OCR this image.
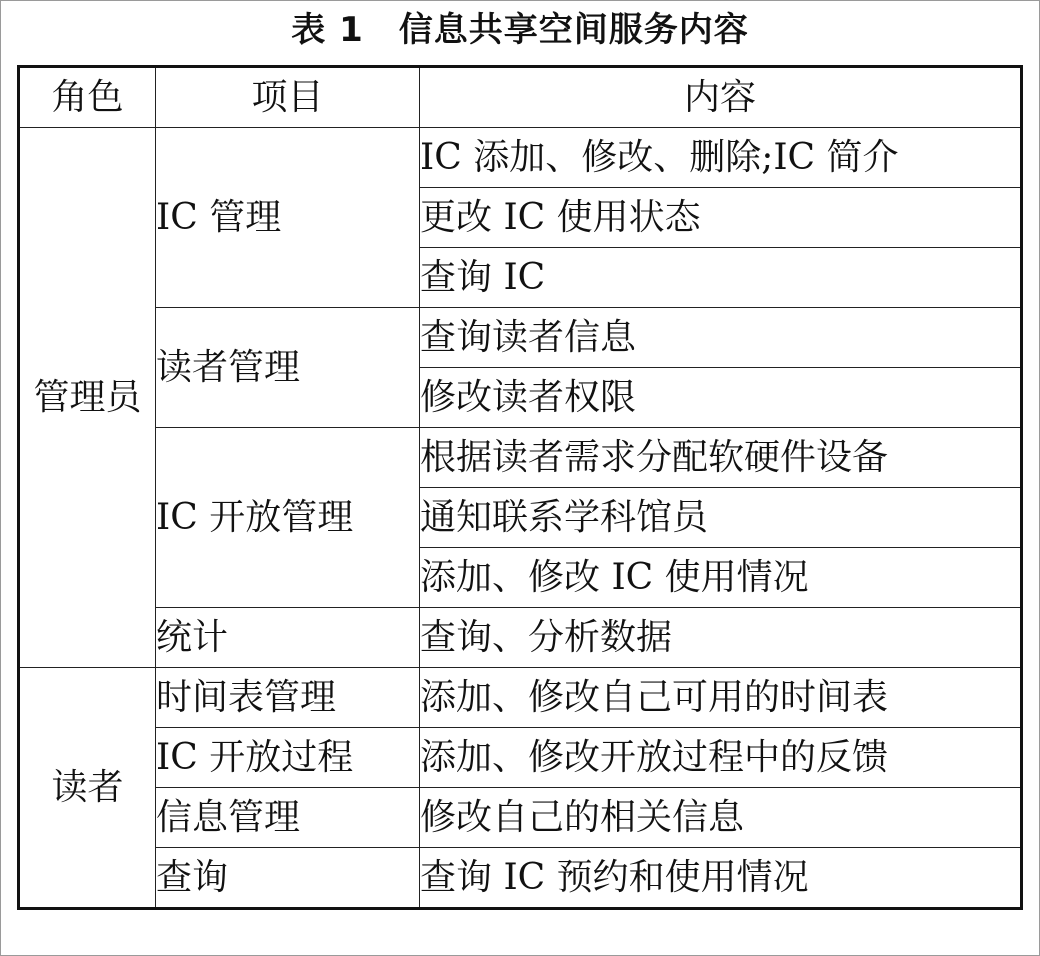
表 1　信息共享空间服务内容
角色	项目	内容
管理员	IC 管理	IC 添加、修改、删除;IC 简介
		更改 IC 使用状态
		查询 IC
	读者管理	查询读者信息
		修改读者权限
	IC 开放管理	根据读者需求分配软硬件设备
		通知联系学科馆员
		添加、修改 IC 使用情况
	统计	查询、分析数据
读者	时间表管理	添加、修改自己可用的时间表
	IC 开放过程	添加、修改开放过程中的反馈
	信息管理	修改自己的相关信息
	查询	查询 IC 预约和使用情况
